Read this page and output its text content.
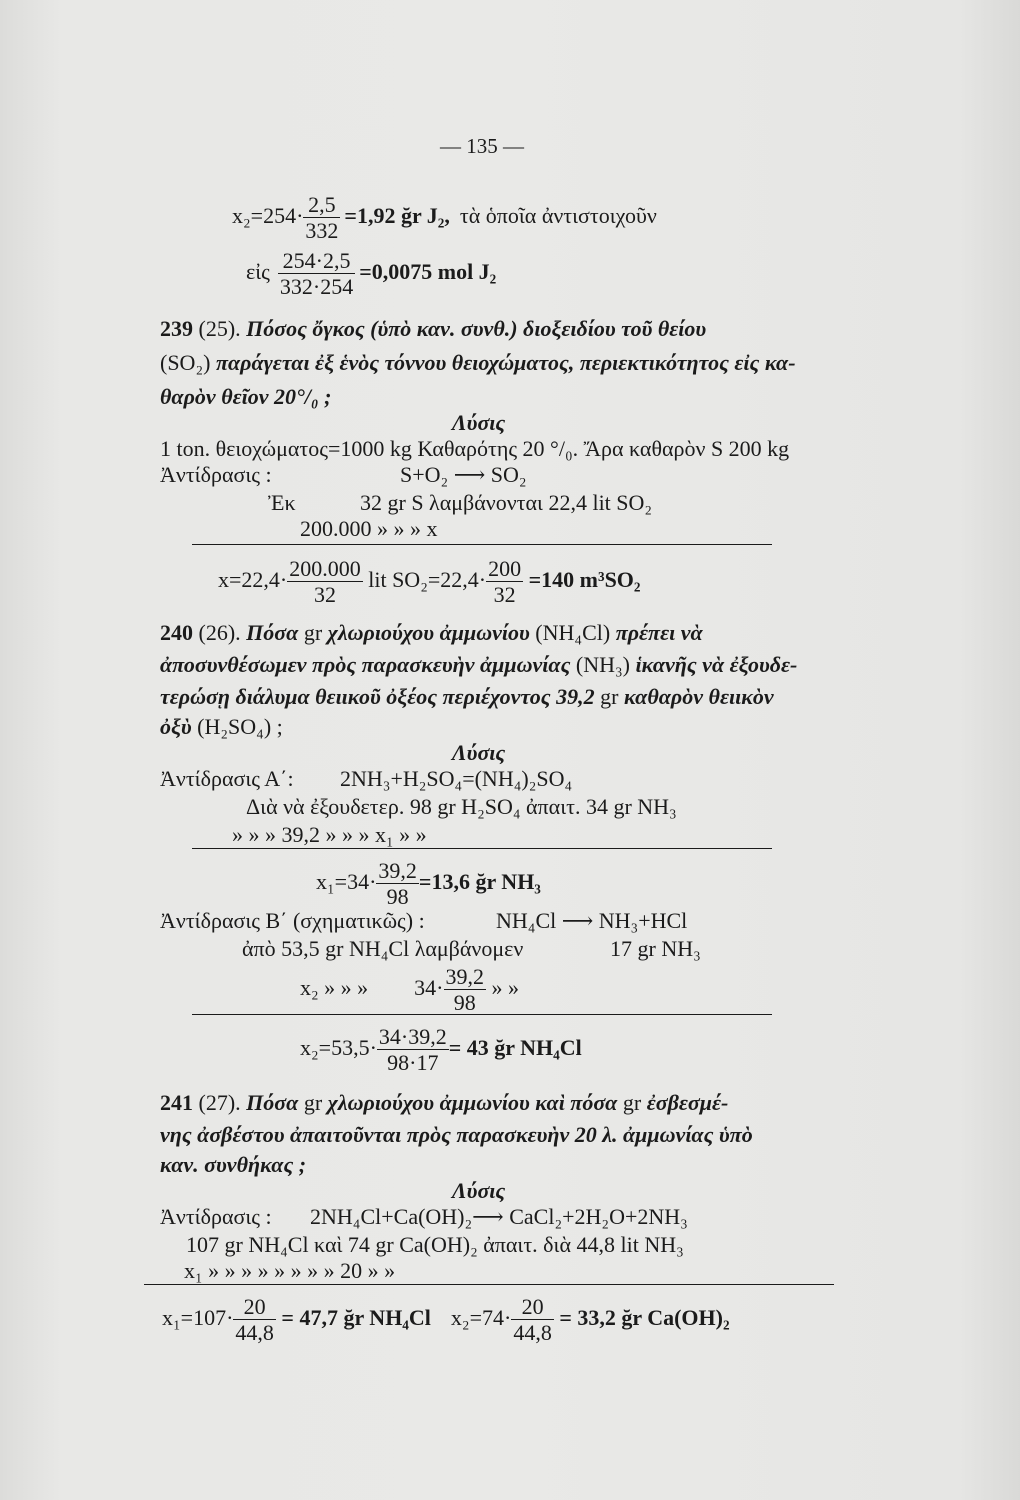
— 135 —
$x_2=254\cdot \frac{2,5}{332} =1,92$ ğr J₂, τὰ ὁποῖα ἀντιστοιχοῦν
εἰς $\frac{254\cdot 2,5}{332\cdot 254} =0,0075$ mol J₂
239 (25). Πόσος ὄγκος (ὑπὸ καν. συνθ.) διοξειδίου τοῦ θείου
(SO₂) παράγεται ἐξ ἑνὸς τόννου θειοχώματος, περιεκτικότητος εἰς κα-
θαρὸν θεῖον 20°/₀ ;
Λύσις
1 ton. θειοχώματος=1000 kg Καθαρότης 20 °/₀. Ἄρα καθαρὸν S 200 kg
Ἀντίδρασις :	S+O₂ ⟶ SO₂
Ἐκ	32 gr S λαμβάνονται 22,4 lit SO₂
200.000 » » » x
$x=22,4\cdot \frac{200.000}{32}$ lit $SO_2=22,4\cdot \frac{200}{32} =140$ m³SO₂
240 (26). Πόσα gr χλωριούχου ἀμμωνίου (NH₄Cl) πρέπει νὰ
ἀποσυνθέσωμεν πρὸς παρασκευὴν ἀμμωνίας (NH₃) ἱκανῆς νὰ ἐξουδε-
τερώσῃ διάλυμα θειικοῦ ὀξέος περιέχοντος 39,2 gr καθαρὸν θειικὸν
ὀξὺ (H₂SO₄) ;
Λύσις
Ἀντίδρασις Α΄: 2NH₃+H₂SO₄=(NH₄)₂SO₄
Διὰ νὰ ἐξουδετερ. 98 gr H₂SO₄ ἀπαιτ. 34 gr NH₃
» » » 39,2 » » » x₁ » »
$x_1=34\cdot \frac{39,2}{98} =13,6$ ğr NH₃
Ἀντίδρασις Β΄ (σχηματικῶς) :	NH₄Cl ⟶ NH₃+HCl
ἀπὸ 53,5 gr NH₄Cl λαμβάνομεν	17 gr NH₃
x₂ » » » $34\cdot \frac{39,2}{98}$ » »
$x_2=53,5\cdot \frac{34\cdot 39,2}{98\cdot 17} = 43$ ğr NH₄Cl
241 (27). Πόσα gr χλωριούχου ἀμμωνίου καὶ πόσα gr ἐσβεσμέ-
νης ἀσβέστου ἀπαιτοῦνται πρὸς παρασκευὴν 20 λ. ἀμμωνίας ὑπὸ
καν. συνθήκας ;
Λύσις
Ἀντίδρασις : 2NH₄Cl+Ca(OH)₂⟶ CaCl₂+2H₂O+2NH₃
107 gr NH₄Cl καὶ 74 gr Ca(OH)₂ ἀπαιτ. διὰ 44,8 lit NH₃
x₁ » » » » » » » » 20 » »
$x_1=107\cdot \frac{20}{44,8} = 47,7$ ğr NH₄Cl $x_2=74\cdot \frac{20}{44,8} = 33,2$ ğr Ca(OH)₂
